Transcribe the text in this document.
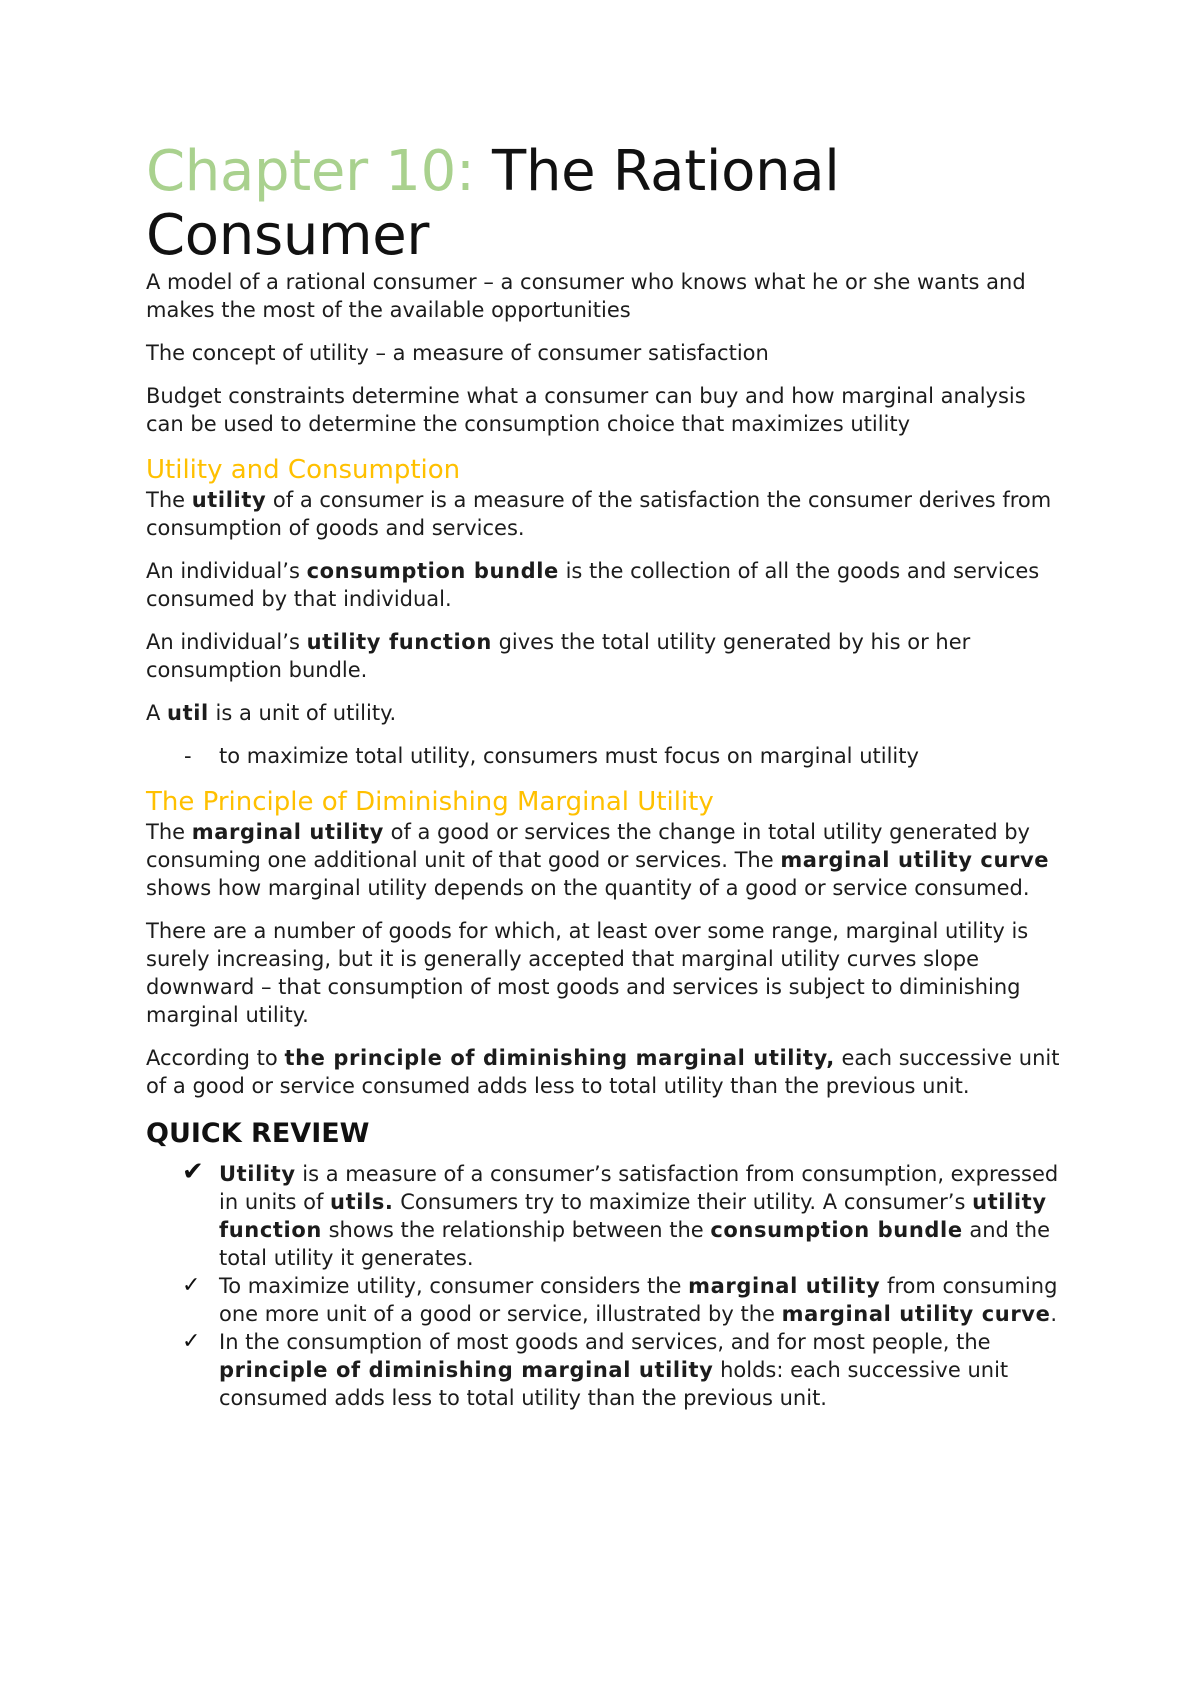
Chapter 10: The Rational Consumer

A model of a rational consumer – a consumer who knows what he or she wants and makes the most of the available opportunities

The concept of utility – a measure of consumer satisfaction

Budget constraints determine what a consumer can buy and how marginal analysis can be used to determine the consumption choice that maximizes utility

Utility and Consumption

The utility of a consumer is a measure of the satisfaction the consumer derives from consumption of goods and services.

An individual’s consumption bundle is the collection of all the goods and services consumed by that individual.

An individual’s utility function gives the total utility generated by his or her consumption bundle.

A util is a unit of utility.

- to maximize total utility, consumers must focus on marginal utility
The Principle of Diminishing Marginal Utility

The marginal utility of a good or services the change in total utility generated by consuming one additional unit of that good or services. The marginal utility curve shows how marginal utility depends on the quantity of a good or service consumed.

There are a number of goods for which, at least over some range, marginal utility is surely increasing, but it is generally accepted that marginal utility curves slope downward – that consumption of most goods and services is subject to diminishing marginal utility.

According to the principle of diminishing marginal utility, each successive unit of a good or service consumed adds less to total utility than the previous unit.

QUICK REVIEW
✔ Utility is a measure of a consumer’s satisfaction from consumption, expressed in units of utils. Consumers try to maximize their utility. A consumer’s utility function shows the relationship between the consumption bundle and the total utility it generates.
✓ To maximize utility, consumer considers the marginal utility from consuming one more unit of a good or service, illustrated by the marginal utility curve.
✓ In the consumption of most goods and services, and for most people, the principle of diminishing marginal utility holds: each successive unit consumed adds less to total utility than the previous unit.
